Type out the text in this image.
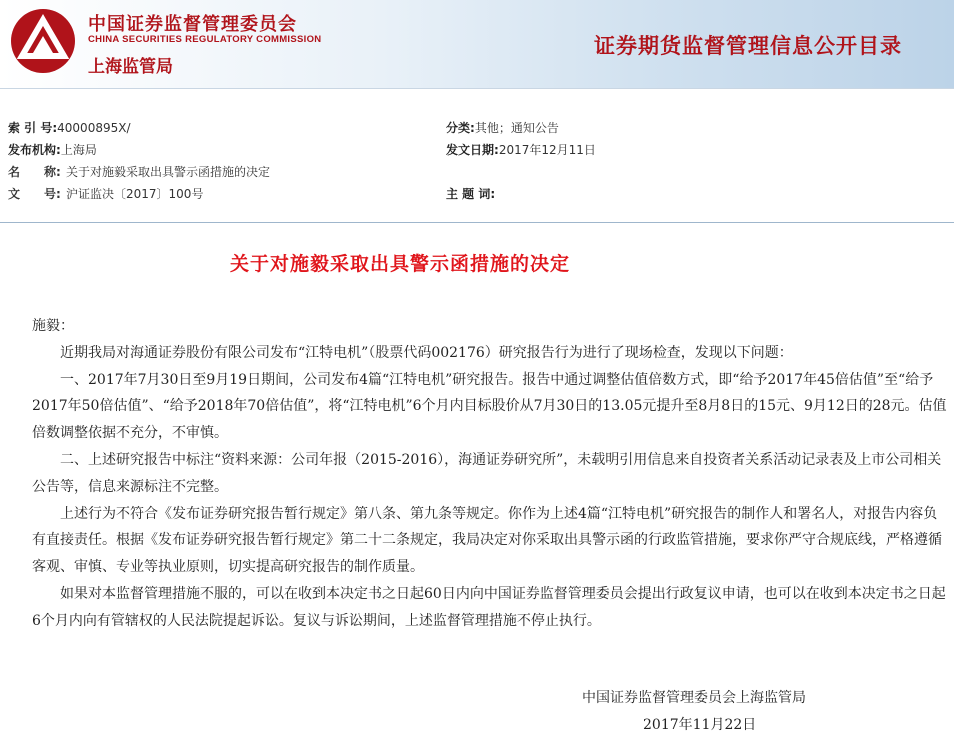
中国证券监督管理委员会
CHINA SECURITIES REGULATORY COMMISSION
上海监管局
证券期货监督管理信息公开目录
索 引 号:40000895X/	分类:其他；通知公告
发布机构:上海局	发文日期:2017年12月11日
名　　称: 关于对施毅采取出具警示函措施的决定
文　　号: 沪证监决〔2017〕100号	主 题 词:
关于对施毅采取出具警示函措施的决定

施毅：

近期我局对海通证券股份有限公司发布“江特电机”（股票代码002176）研究报告行为进行了现场检查，发现以下问题：

一、2017年7月30日至9月19日期间，公司发布4篇“江特电机”研究报告。报告中通过调整估值倍数方式，即“给予2017年45倍估值”至“给予2017年50倍估值”、“给予2018年70倍估值”，将“江特电机”6个月内目标股价从7月30日的13.05元提升至8月8日的15元、9月12日的28元。估值倍数调整依据不充分，不审慎。

二、上述研究报告中标注“资料来源：公司年报（2015-2016），海通证券研究所”，未载明引用信息来自投资者关系活动记录表及上市公司相关公告等，信息来源标注不完整。

上述行为不符合《发布证券研究报告暂行规定》第八条、第九条等规定。你作为上述4篇“江特电机”研究报告的制作人和署名人，对报告内容负有直接责任。根据《发布证券研究报告暂行规定》第二十二条规定，我局决定对你采取出具警示函的行政监管措施，要求你严守合规底线，严格遵循客观、审慎、专业等执业原则，切实提高研究报告的制作质量。

如果对本监督管理措施不服的，可以在收到本决定书之日起60日内向中国证券监督管理委员会提出行政复议申请，也可以在收到本决定书之日起6个月内向有管辖权的人民法院提起诉讼。复议与诉讼期间，上述监督管理措施不停止执行。

中国证券监督管理委员会上海监管局
2017年11月22日
